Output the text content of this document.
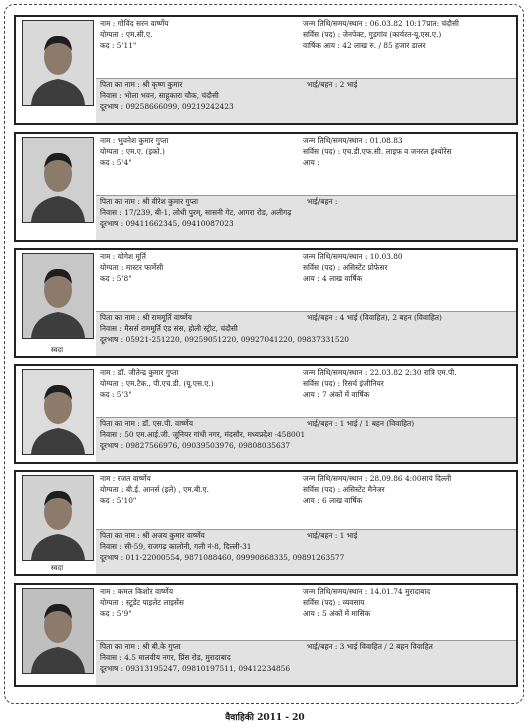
नाम : गोविंद सरन वार्ष्णेय
योग्यता : एम.सी.ए.
कद : 5'11"
जन्म तिथि/समय/स्थान : 06.03.82 10:17प्रात: चंदौसी
सर्विस (पद) : जेनपेक्ट, गुड़गांव (कार्यरत-यू.एस.ए.)
वार्षिक आय : 42 लाख रु. / 85 हजार डालर
पिता का नाम : श्री कृष्ण कुमार	भाई/बहन : 2 भाई
निवास : भोला भवन, साहूकारा चौक, चंदौसी
दूरभाष : 09258666099, 09219242423
नाम : भुवनेश कुमार गुप्ता
योग्यता : एम.ए. (इको.)
कद : 5'4"
जन्म तिथि/समय/स्थान : 01.08.83
सर्विस (पद) : एच.डी.एफ.सी. लाइफ व जनरल इंश्योरेंस
आय :
पिता का नाम : श्री वीरेश कुमार गुप्ता	भाई/बहन :
निवास : 17/239, बी-1, लोधी पुरम्, सासनी गेट, आगरा रोड, अलीगढ़
दूरभाष : 09411662345, 09410087023
स्वदा
नाम : योगेश मूर्ति
योग्यता : मास्टर फार्मेसी
कद : 5'8"
जन्म तिथि/समय/स्थान : 10.03.80
सर्विस (पद) : असिस्टेंट प्रोफेसर
आय : 4 लाख वार्षिक
पिता का नाम : श्री राममूर्ति वार्ष्णेय	भाई/बहन : 4 भाई (विवाहित), 2 बहन (विवाहित)
निवास : मैसर्स राममूर्ति एंड संस, होली स्ट्रीट, चंदौसी
दूरभाष : 05921-251220, 09259051220, 09927041220, 09837331520
नाम : डॉ. जीतेन्द्र कुमार गुप्ता
योग्यता : एम.टैक., पी.एच.डी. (यू.एस.ए.)
कद : 5'3"
जन्म तिथि/समय/स्थान : 22.03.82 2:30 रात्रि एम.पी.
सर्विस (पद) : रिसर्च इंजीनियर
आय : 7 अंकों में वार्षिक
पिता का नाम : डॉ. एस.पी. वार्ष्णेय	भाई/बहन : 1 भाई / 1 बहन (विवाहित)
निवास : 50 एम.आई.जी. जूनियर गांधी नगर, मंदसौर, मध्यप्रदेश -458001
दूरभाष : 09827566976, 09039503976, 09808035637
स्वदा
नाम : रजत वार्ष्णेय
योग्यता : बी.ई. आनर्स (इले) , एम.बी.ए.
कद : 5'10"
जन्म तिथि/समय/स्थान : 28.09.86 4:00सायं दिल्ली
सर्विस (पद) : असिस्टेंट मैनेजर
आय : 6 लाख वार्षिक
पिता का नाम : श्री अजय कुमार वार्ष्णेय	भाई/बहन : 1 भाई
निवास : सी-59, राजगढ़ कालोनी, गली नं-8, दिल्ली-31
दूरभाष : 011-22000554, 9871088460, 09990868335, 09891263577
नाम : कमल किशोर वार्ष्णेय
योग्यता : स्टूडेंट पाइलेट लाइसेंस
कद : 5'9"
जन्म तिथि/समय/स्थान : 14.01.74 मुरादाबाद
सर्विस (पद) : व्यवसाय
आय : 5 अंकों में मासिक
पिता का नाम : श्री बी.के गुप्ता	भाई/बहन : 3 भाई विवाहित / 2 बहन विवाहित
निवास : 4.5 मालवीय नगर, प्रिंस रोड, मुरादाबाद
दूरभाष : 09313195247, 09810197511, 09412234856
वैवाहिकी 2011 - 20
